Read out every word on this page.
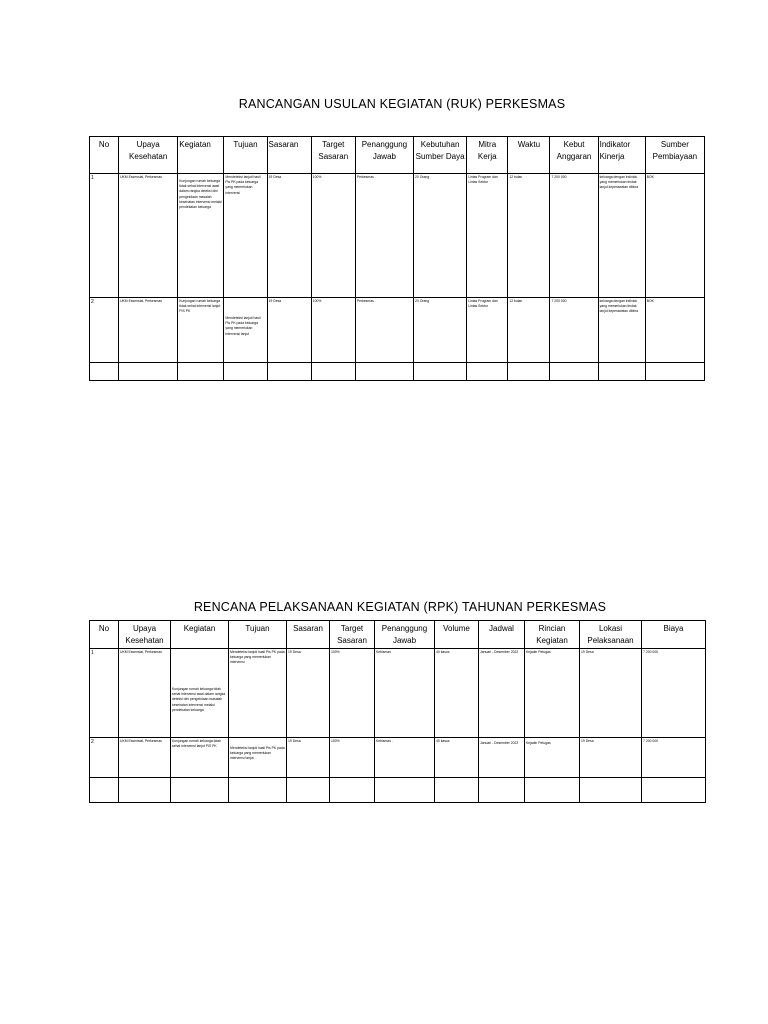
RANCANGAN USULAN KEGIATAN (RUK) PERKESMAS
No	Upaya Kesehatan	Kegiatan	Tujuan	Sasaran	Target Sasaran	Penanggung Jawab	Kebutuhan Sumber Daya	Mitra Kerja	Waktu	Kebut Anggaran	Indikator Kinerja	Sumber Pembiayaan
1	UKM Essensial, Perkesmas	Kunjungan rumah keluarga tidak sehat intervensi awal dalam rangka deteksi dini pengelolaan masalah kesehatan intervensi melalui pendekatan keluarga	Mendeteksi lanjuti hasil Pis PK pada keluarga yang memerlukan intervensi	19 Desa	100%	Perkesmas .	20 Orang	Lintas Program dan Lintas Sektor	12 bulan	7 200 000	keluarga dengan individu yang memerlukan tindak lanjut keperawatan dibina	BOK
2	UKM Essensial, Perkesmas	Kunjungan rumah keluarga tidak sehat intervensi lanjut PIS PK	Mendeteksi lanjuti hasil Pis PK pada keluarga yang memerlukan intervensi lanjut	19 Desa	100%	Perkesmas .	20 Orang	Lintas Program dan Lintas Sektor	12 bulan	7 200 000	keluarga dengan individu yang memerlukan tindak lanjut keperawatan dibina	BOK

RENCANA PELAKSANAAN KEGIATAN (RPK) TAHUNAN PERKESMAS
No	Upaya Kesehatan	Kegiatan	Tujuan	Sasaran	Target Sasaran	Penanggung Jawab	Volume	Jadwal	Rincian Kegiatan	Lokasi Pelaksanaan	Biaya
1	UKM Essensial, Perkesmas	Kunjungan rumah keluarga tidak sehat intervensi awal dalam rangka deteksi dini pengelolaan masalah kesehatan intervensi melalui pendekatan keluarga	Mendeteksi lanjuti hasil Pis PK pada keluarga yang memerlukan intervensi	19 Desa	100%	Kebismas	40 kasus	Januari - Desember 2022	Kejadin Petugas	19 Desa	7 200 000
2	UKM Essensial, Perkesmas	Kunjungan rumah keluarga tidak sehat intervensi lanjut PIS PK	Mendeteksi lanjuti hasil Pis PK pada keluarga yang memerlukan intervensi lanjut	19 Desa	100%	Kebismas .	40 kasus	Januari - Desember 2022	Kejadin Petugas	19 Desa	7 200 000
